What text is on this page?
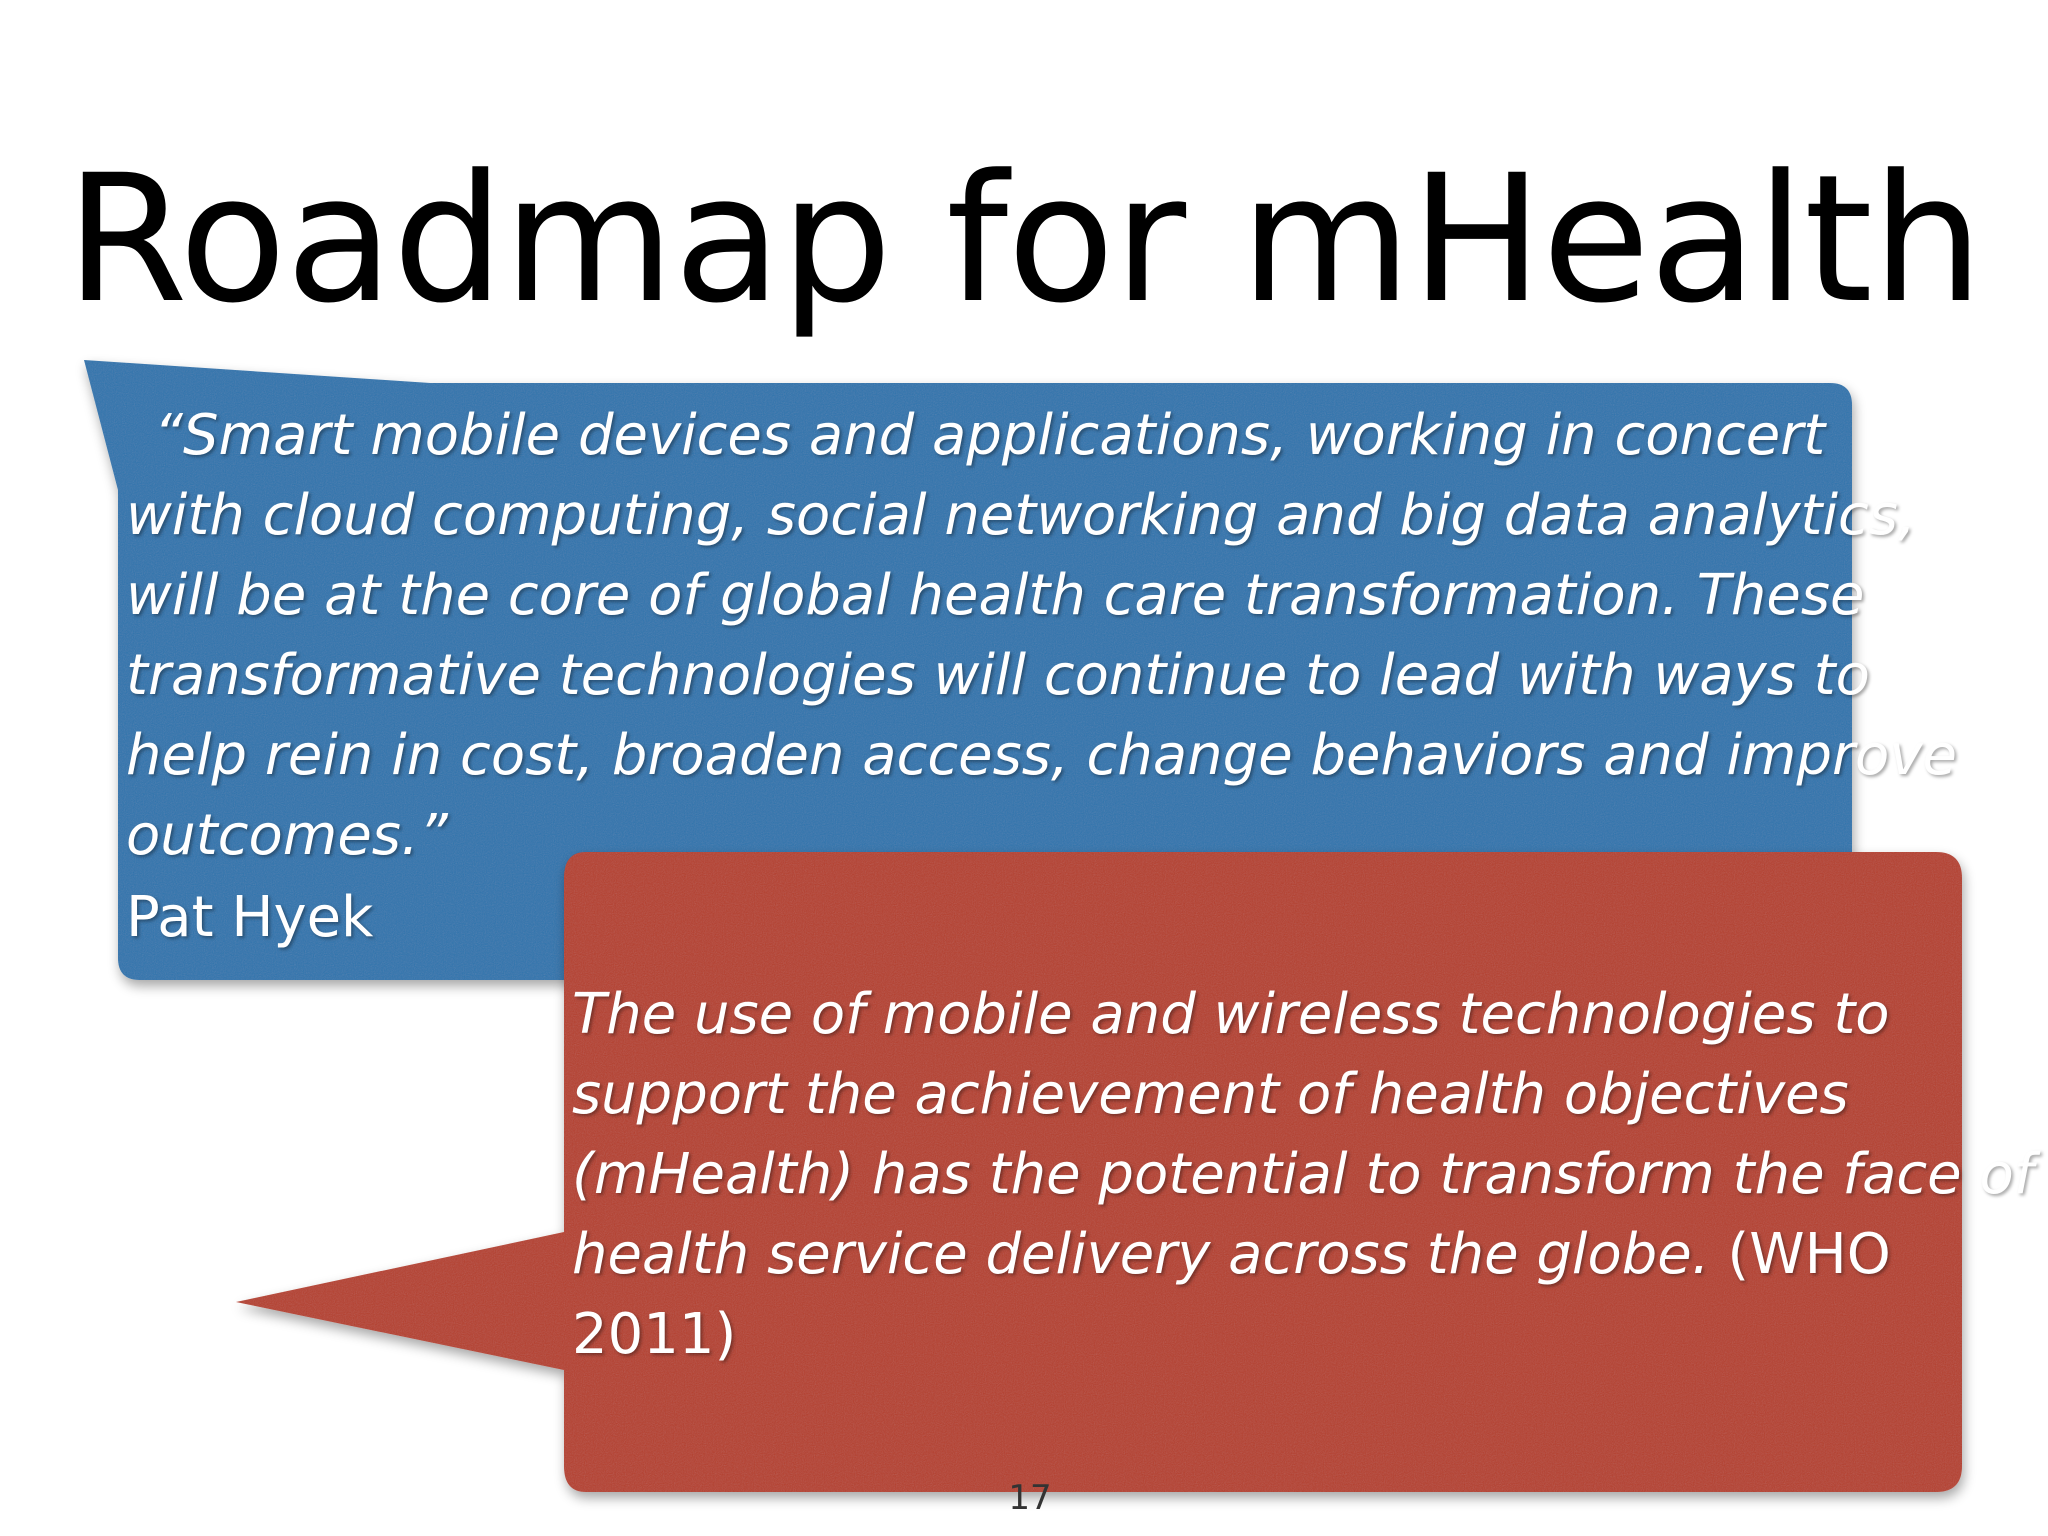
Roadmap for mHealth
“Smart mobile devices and applications, working in concert
with cloud computing, social networking and big data analytics,
will be at the core of global health care transformation. These
transformative technologies will continue to lead with ways to
help rein in cost, broaden access, change behaviors and improve
outcomes.”
Pat Hyek
17
The use of mobile and wireless technologies to
support the achievement of health objectives
(mHealth) has the potential to transform the face of
health service delivery across the globe. (WHO
2011)
